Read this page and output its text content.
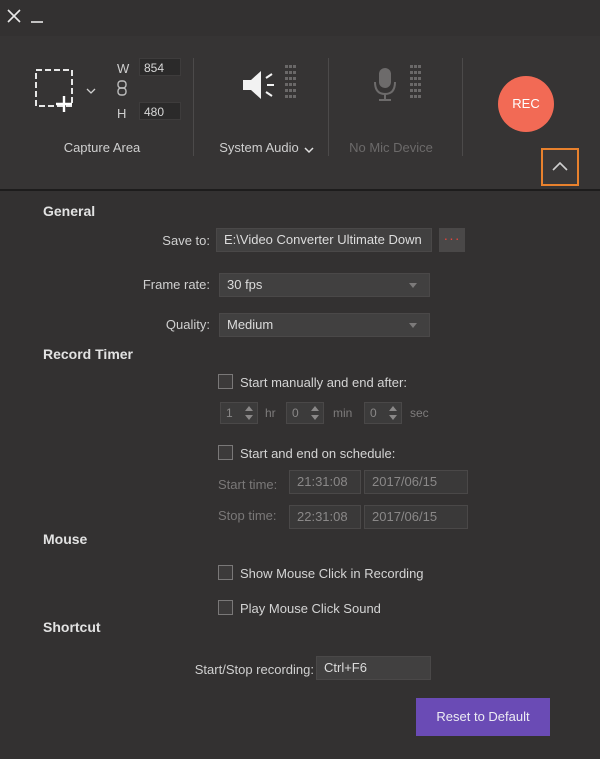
W	854
H	480
Capture Area	System Audio	No Mic Device
REC
General
Save to:	E:\Video Converter Ultimate Down	···
Frame rate:	30 fps
Quality:	Medium
Record Timer
Start manually and end after:
1	hr	0	min	0	sec
Start and end on schedule:
Start time:	21:31:08	2017/06/15
Stop time:	22:31:08	2017/06/15
Mouse
Show Mouse Click in Recording
Play Mouse Click Sound
Shortcut
Start/Stop recording: Ctrl+F6
Reset to Default
